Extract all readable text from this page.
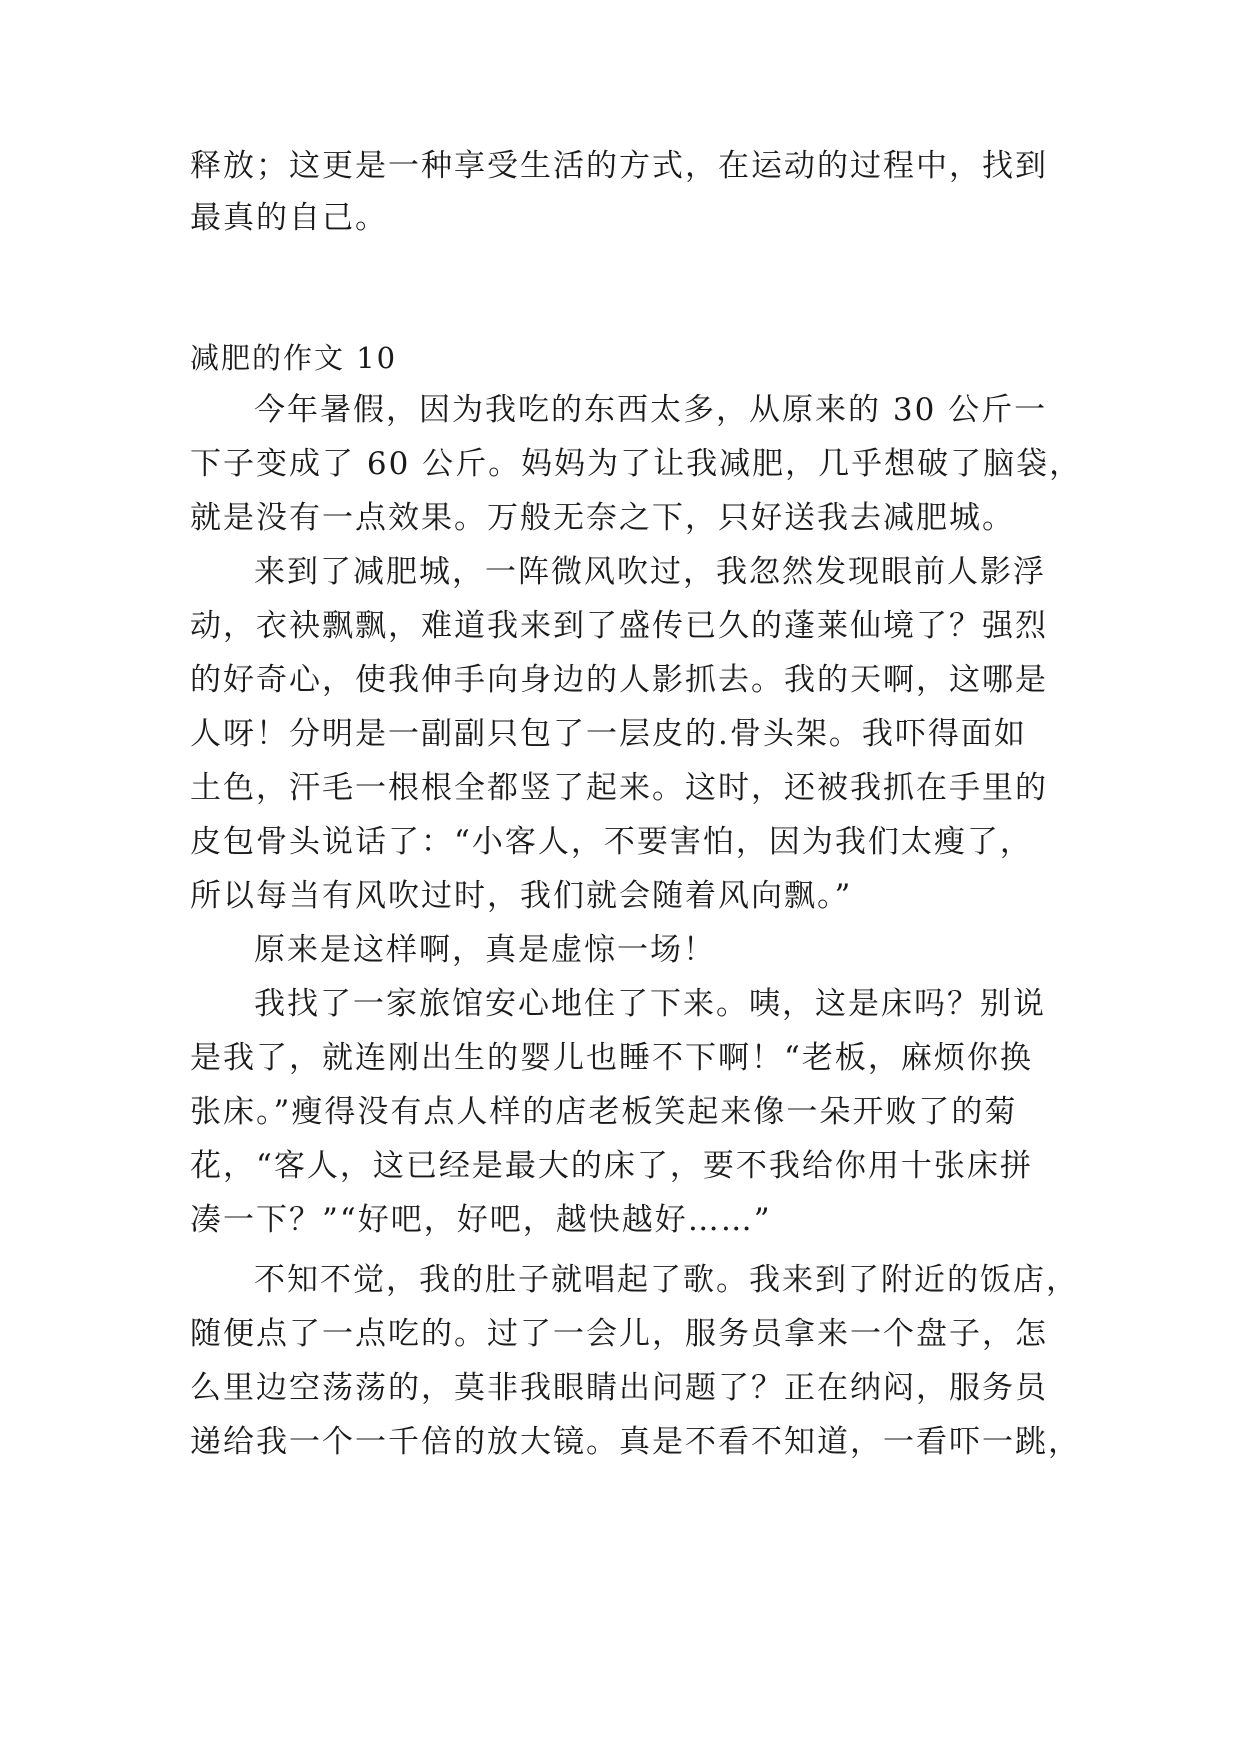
释放；这更是一种享受生活的方式，在运动的过程中，找到
最真的自己。
减肥的作文 10
今年暑假，因为我吃的东西太多，从原来的 30 公斤一
下子变成了 60 公斤。妈妈为了让我减肥，几乎想破了脑袋，
就是没有一点效果。万般无奈之下，只好送我去减肥城。
来到了减肥城，一阵微风吹过，我忽然发现眼前人影浮
动，衣袂飘飘，难道我来到了盛传已久的蓬莱仙境了？强烈
的好奇心，使我伸手向身边的人影抓去。我的天啊，这哪是
人呀！分明是一副副只包了一层皮的.骨头架。我吓得面如
土色，汗毛一根根全都竖了起来。这时，还被我抓在手里的
皮包骨头说话了：“小客人，不要害怕，因为我们太瘦了，
所以每当有风吹过时，我们就会随着风向飘。”
原来是这样啊，真是虚惊一场！
我找了一家旅馆安心地住了下来。咦，这是床吗？别说
是我了，就连刚出生的婴儿也睡不下啊！“老板，麻烦你换
张床。”瘦得没有点人样的店老板笑起来像一朵开败了的菊
花，“客人，这已经是最大的床了，要不我给你用十张床拼
凑一下？”“好吧，好吧，越快越好……”
不知不觉，我的肚子就唱起了歌。我来到了附近的饭店，
随便点了一点吃的。过了一会儿，服务员拿来一个盘子，怎
么里边空荡荡的，莫非我眼睛出问题了？正在纳闷，服务员
递给我一个一千倍的放大镜。真是不看不知道，一看吓一跳，
